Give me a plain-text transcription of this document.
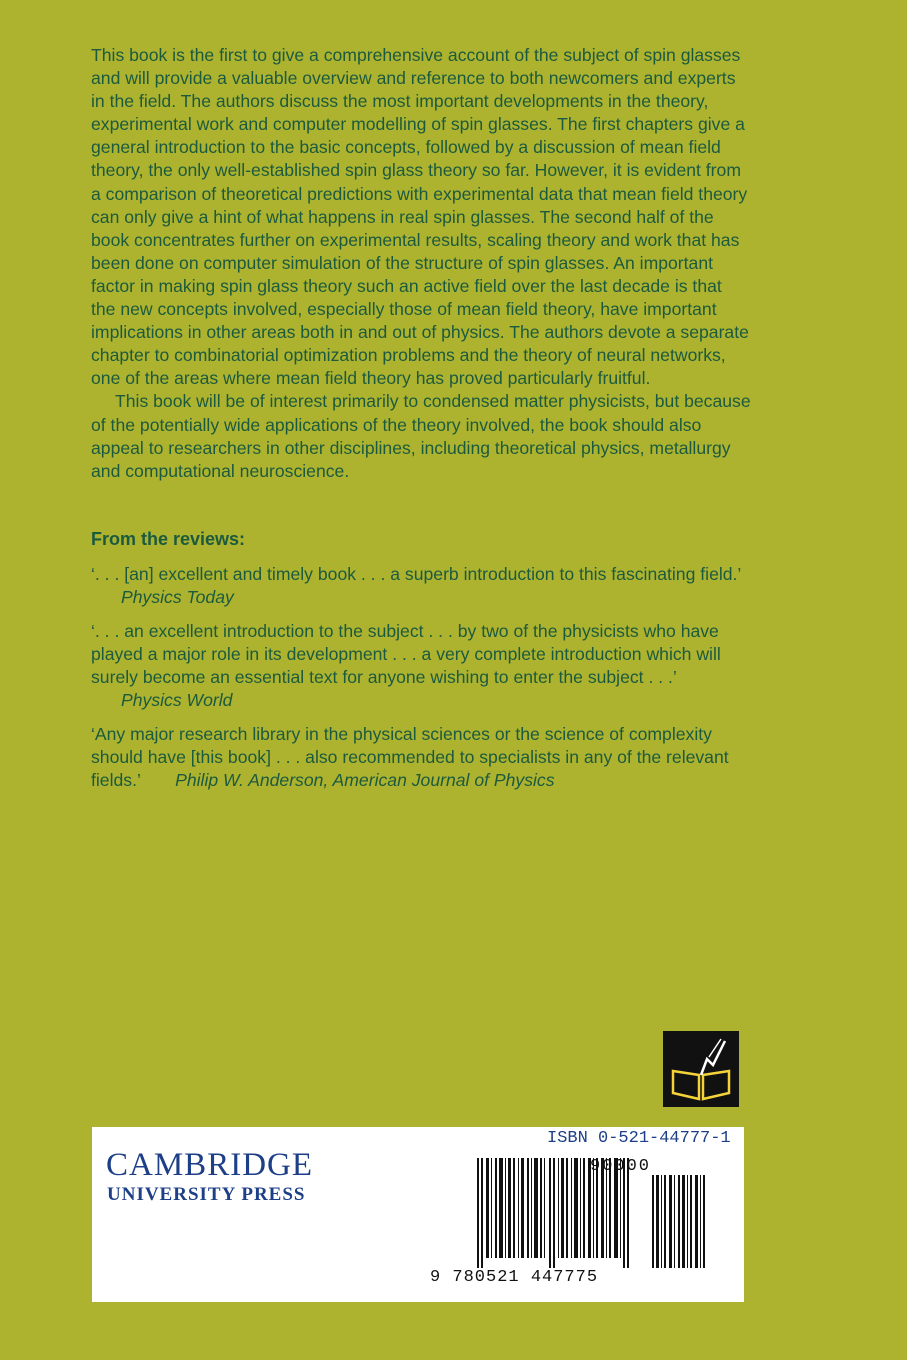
This book is the first to give a comprehensive account of the subject of spin glasses and will provide a valuable overview and reference to both newcomers and experts in the field. The authors discuss the most important developments in the theory, experimental work and computer modelling of spin glasses. The first chapters give a general introduction to the basic concepts, followed by a discussion of mean field theory, the only well-established spin glass theory so far. However, it is evident from a comparison of theoretical predictions with experimental data that mean field theory can only give a hint of what happens in real spin glasses. The second half of the book concentrates further on experimental results, scaling theory and work that has been done on computer simulation of the structure of spin glasses. An important factor in making spin glass theory such an active field over the last decade is that the new concepts involved, especially those of mean field theory, have important implications in other areas both in and out of physics. The authors devote a separate chapter to combinatorial optimization problems and the theory of neural networks, one of the areas where mean field theory has proved particularly fruitful.

This book will be of interest primarily to condensed matter physicists, but because of the potentially wide applications of the theory involved, the book should also appeal to researchers in other disciplines, including theoretical physics, metallurgy and computational neuroscience.

From the reviews:
‘. . . [an] excellent and timely book . . . a superb introduction to this fascinating field.’ Physics Today
‘. . . an excellent introduction to the subject . . . by two of the physicists who have played a major role in its development . . . a very complete introduction which will surely become an essential text for anyone wishing to enter the subject . . .’ Physics World
‘Any major research library in the physical sciences or the science of complexity should have [this book] . . . also recommended to specialists in any of the relevant fields.’ Philip W. Anderson, American Journal of Physics
CAMBRIDGE
UNIVERSITY PRESS
ISBN 0-521-44777-1
90000
9 780521 447775
